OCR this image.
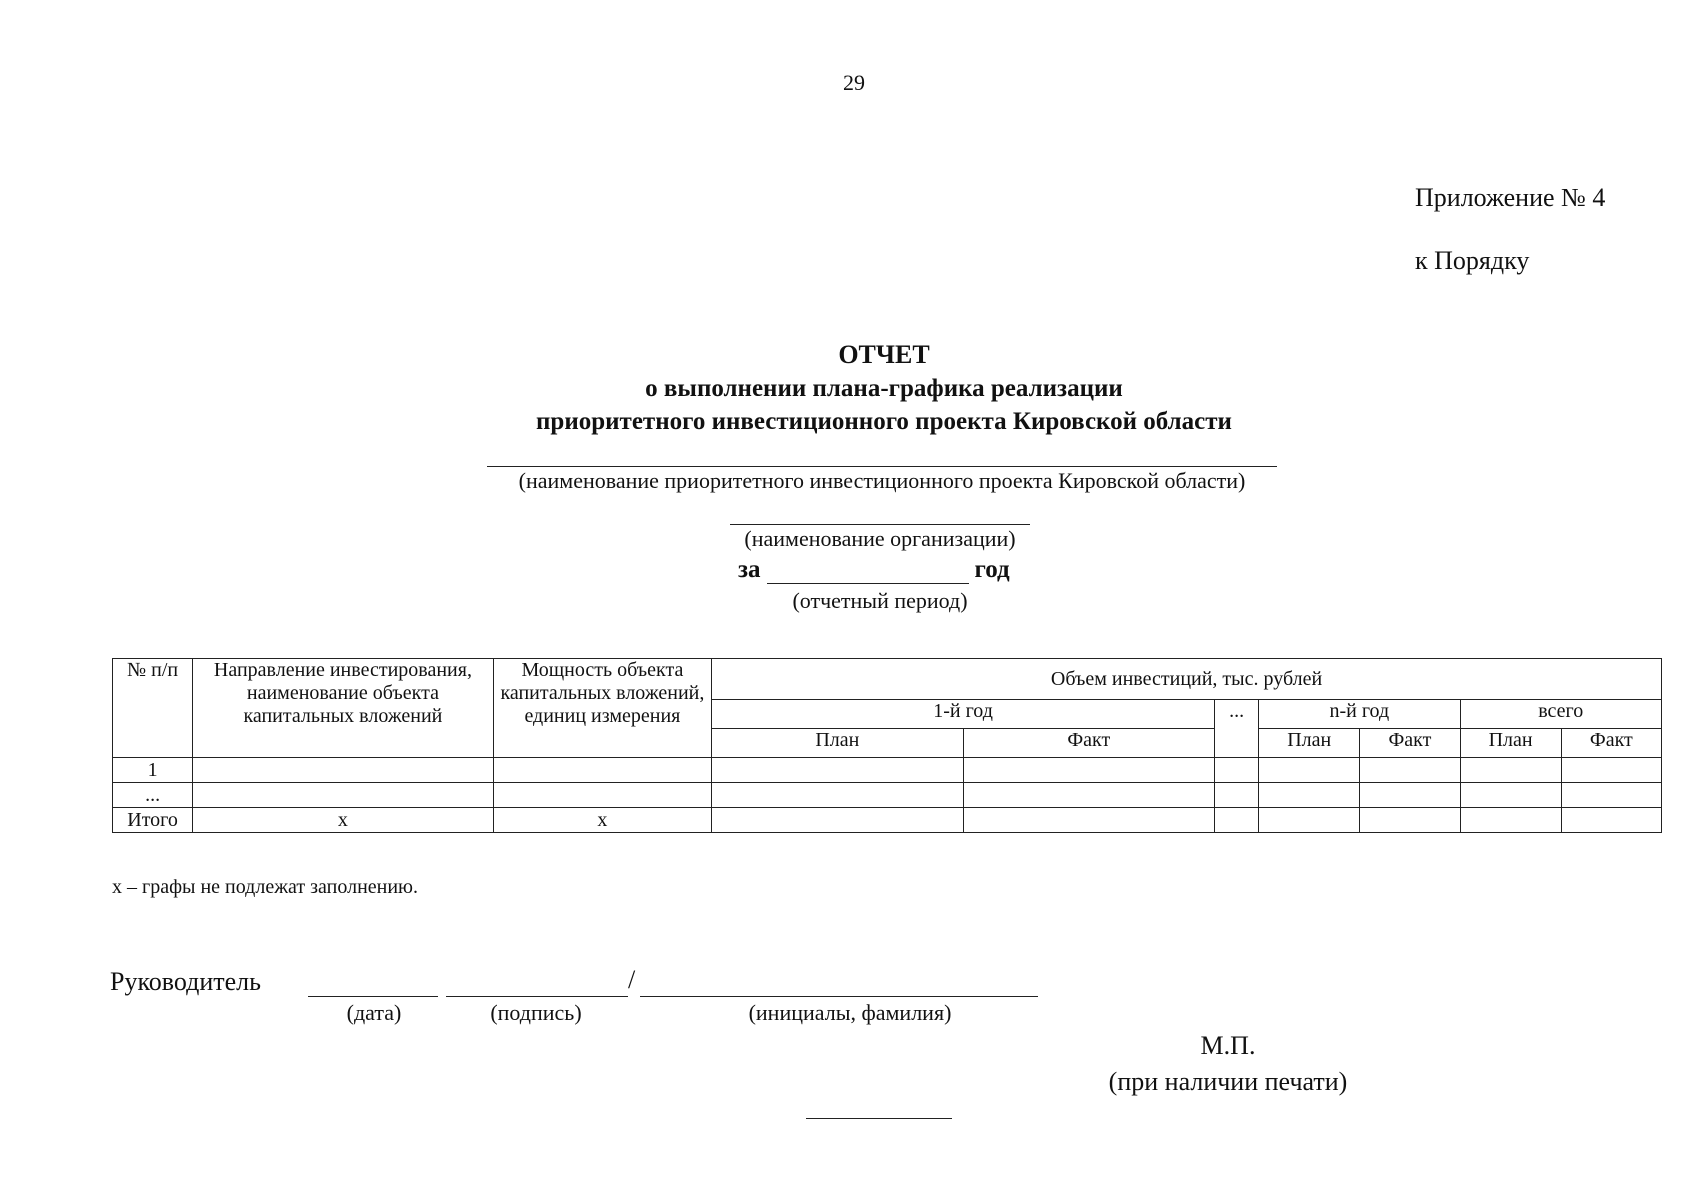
29
Приложение № 4
к Порядку
ОТЧЕТ
о выполнении плана-графика реализации
приоритетного инвестиционного проекта Кировской области
(наименование приоритетного инвестиционного проекта Кировской области)
(наименование организации)
за	год
(отчетный период)
№ п/п	Направление инвестирования, наименование объекта капитальных вложений	Мощность объекта капитальных вложений, единиц измерения	Объем инвестиций, тыс. рублей						
			1-й год		...	n-й год		всего	
			План	Факт		План	Факт	План	Факт
1									
...									
Итого	х	х							
х – графы не подлежат заполнению.
Руководитель	/
(дата)	(подпись)	(инициалы, фамилия)
М.П.
(при наличии печати)
